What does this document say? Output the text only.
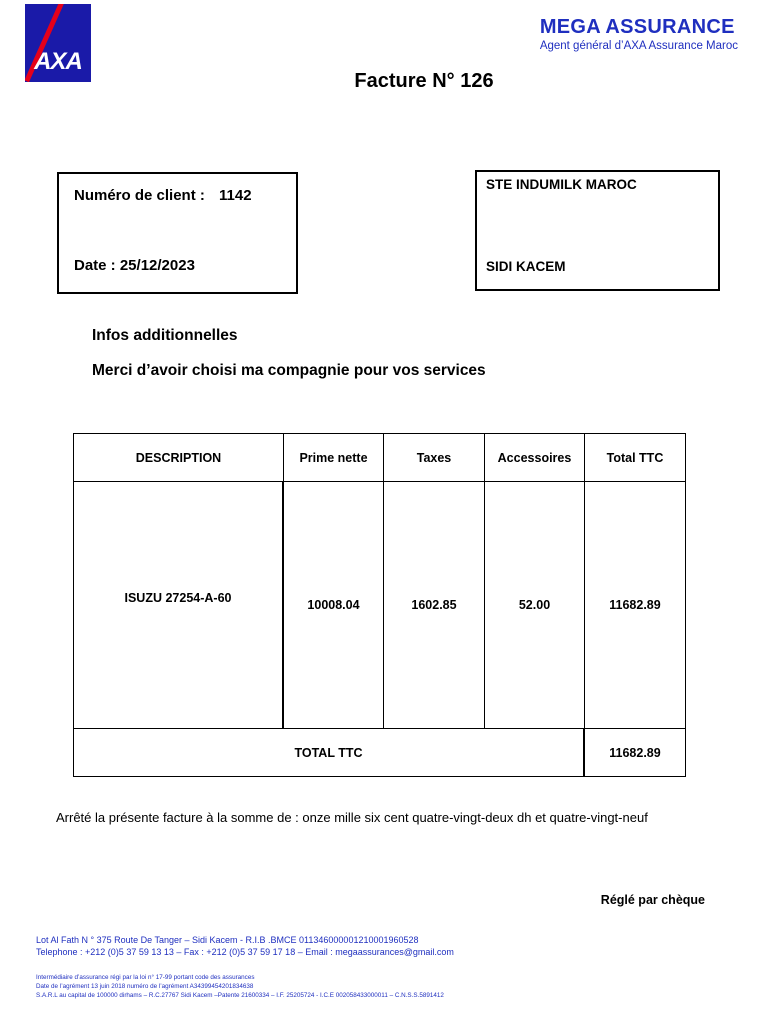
AXA
MEGA ASSURANCE
Agent général d’AXA Assurance Maroc
Facture N° 126
Numéro de client : 1142
Date : 25/12/2023
STE INDUMILK MAROC
SIDI KACEM
Infos additionnelles
Merci d’avoir choisi ma compagnie pour vos services
DESCRIPTION	Prime nette	Taxes	Accessoires	Total TTC
ISUZU 27254-A-60	10008.04	1602.85	52.00	11682.89
TOTAL TTC	11682.89
Arrêté la présente facture à la somme de : onze mille six cent quatre-vingt-deux dh et quatre-vingt-neuf
Réglé par chèque
Lot Al Fath N ° 375 Route De Tanger – Sidi Kacem - R.I.B .BMCE 011346000001210001960528
Telephone : +212 (0)5 37 59 13 13 – Fax : +212 (0)5 37 59 17 18 – Email : megaassurances@gmail.com
Intermédiaire d’assurance régi par la loi n° 17-99 portant code des assurances
Date de l’agrément 13 juin 2018 numéro de l’agrément A34399454201834638
S.A.R.L au capital de 100000 dirhams – R.C.27767 Sidi Kacem –Patente 21600334 – I.F. 25205724 - I.C.E 002058433000011 – C.N.S.S.5891412
